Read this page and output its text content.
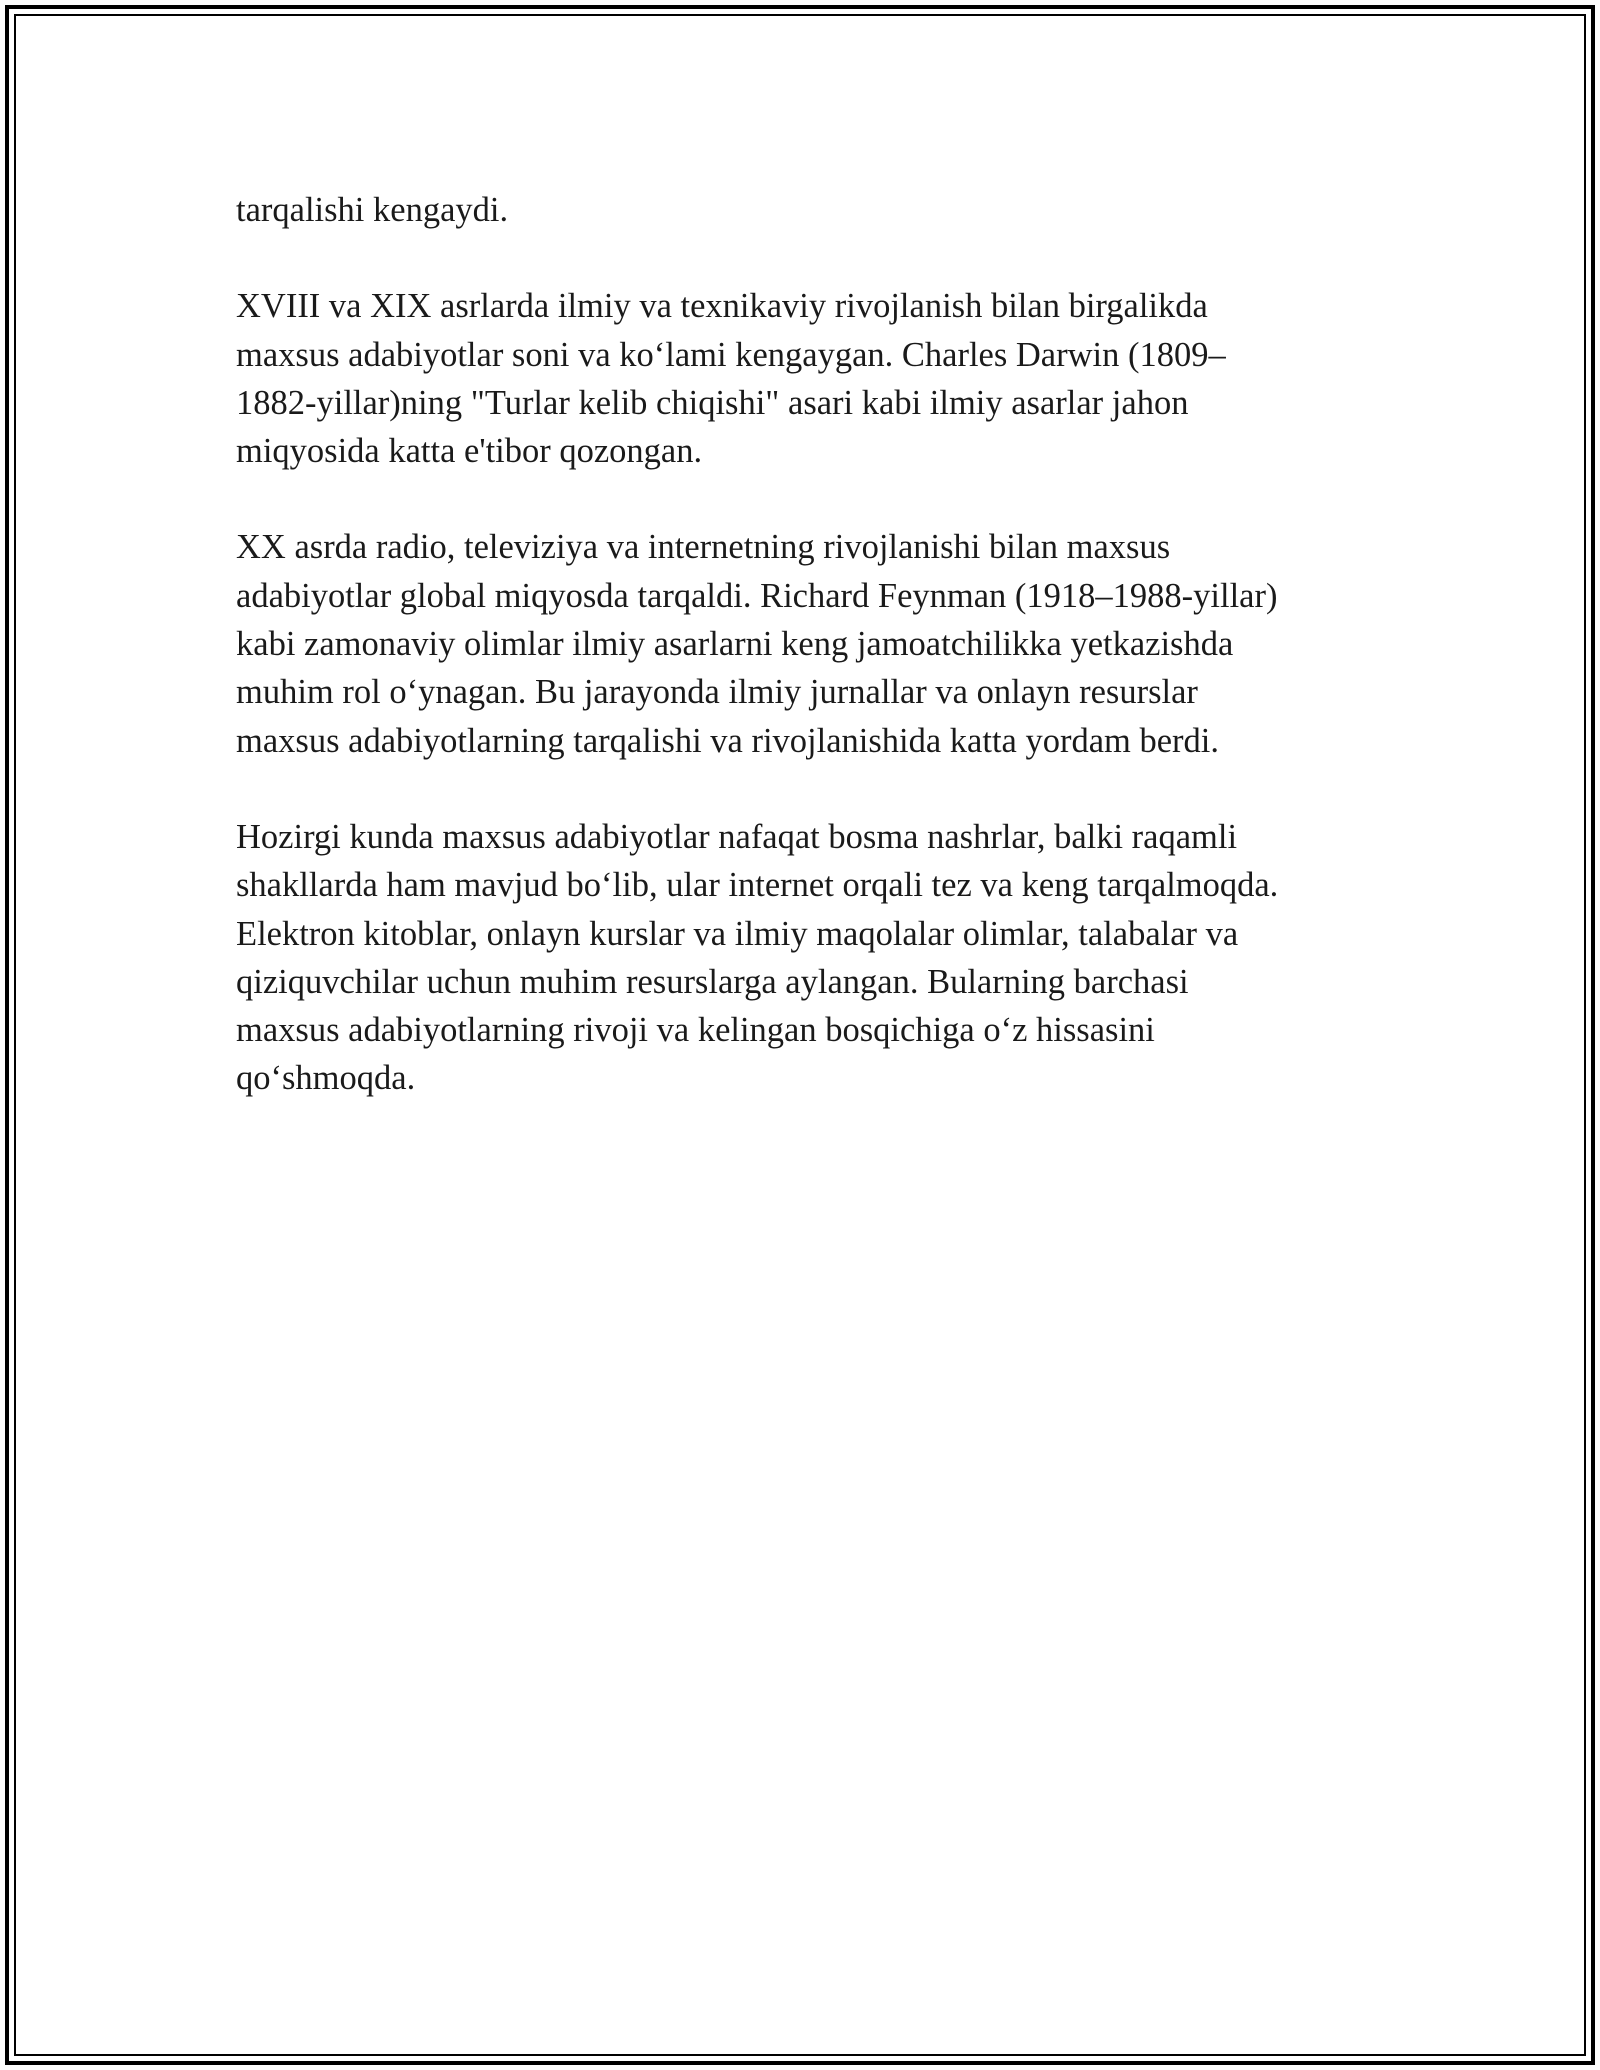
tarqalishi kengaydi.

XVIII va XIX asrlarda ilmiy va texnikaviy rivojlanish bilan birgalikda
maxsus adabiyotlar soni va ko‘lami kengaygan. Charles Darwin (1809–
1882-yillar)ning "Turlar kelib chiqishi" asari kabi ilmiy asarlar jahon
miqyosida katta e'tibor qozongan.

XX asrda radio, televiziya va internetning rivojlanishi bilan maxsus
adabiyotlar global miqyosda tarqaldi. Richard Feynman (1918–1988-yillar)
kabi zamonaviy olimlar ilmiy asarlarni keng jamoatchilikka yetkazishda
muhim rol o‘ynagan. Bu jarayonda ilmiy jurnallar va onlayn resurslar
maxsus adabiyotlarning tarqalishi va rivojlanishida katta yordam berdi.

Hozirgi kunda maxsus adabiyotlar nafaqat bosma nashrlar, balki raqamli
shakllarda ham mavjud bo‘lib, ular internet orqali tez va keng tarqalmoqda.
Elektron kitoblar, onlayn kurslar va ilmiy maqolalar olimlar, talabalar va
qiziquvchilar uchun muhim resurslarga aylangan. Bularning barchasi
maxsus adabiyotlarning rivoji va kelingan bosqichiga o‘z hissasini
qo‘shmoqda.
